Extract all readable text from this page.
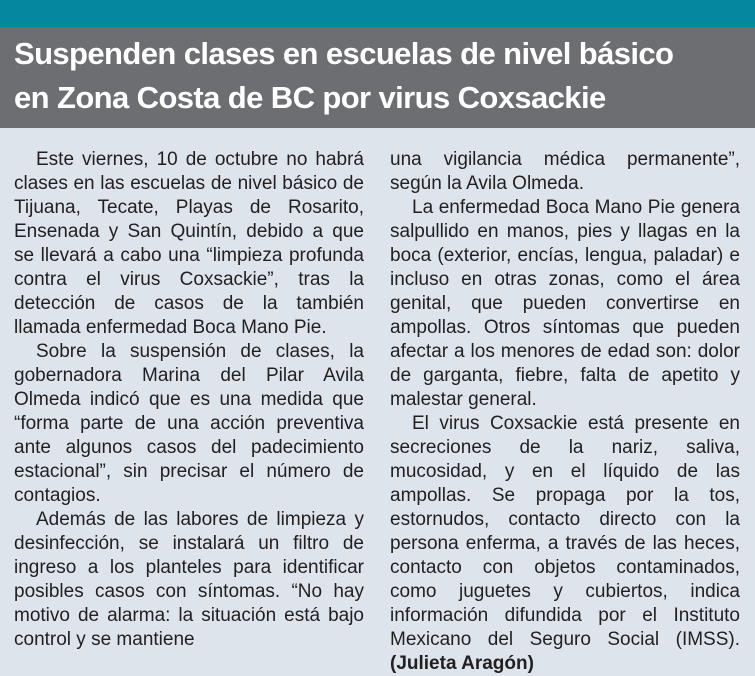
Suspenden clases en escuelas de nivel básico
en Zona Costa de BC por virus Coxsackie

Este viernes, 10 de octubre no habrá clases en las escuelas de nivel básico de Tijuana, Tecate, Playas de Rosarito, Ensenada y San Quintín, debido a que se llevará a cabo una “limpieza profunda contra el virus Coxsackie”, tras la detección de casos de la también llamada enfermedad Boca Mano Pie.

Sobre la suspensión de clases, la gobernadora Marina del Pilar Avila Olmeda indicó que es una medida que “forma parte de una acción preventiva ante algunos casos del padecimiento estacional”, sin precisar el número de contagios.

Además de las labores de limpieza y desinfección, se instalará un filtro de ingreso a los planteles para identificar posibles casos con síntomas. “No hay motivo de alarma: la situación está bajo control y se mantiene

una vigilancia médica permanente”, según la Avila Olmeda.

La enfermedad Boca Mano Pie genera salpullido en manos, pies y llagas en la boca (exterior, encías, lengua, paladar) e incluso en otras zonas, como el área genital, que pueden convertirse en ampollas. Otros síntomas que pueden afectar a los menores de edad son: dolor de garganta, fiebre, falta de apetito y malestar general.

El virus Coxsackie está presente en secreciones de la nariz, saliva, mucosidad, y en el líquido de las ampollas. Se propaga por la tos, estornudos, contacto directo con la persona enferma, a través de las heces, contacto con objetos contaminados, como juguetes y cubiertos, indica información difundida por el Instituto Mexicano del Seguro Social (IMSS). (Julieta Aragón)
